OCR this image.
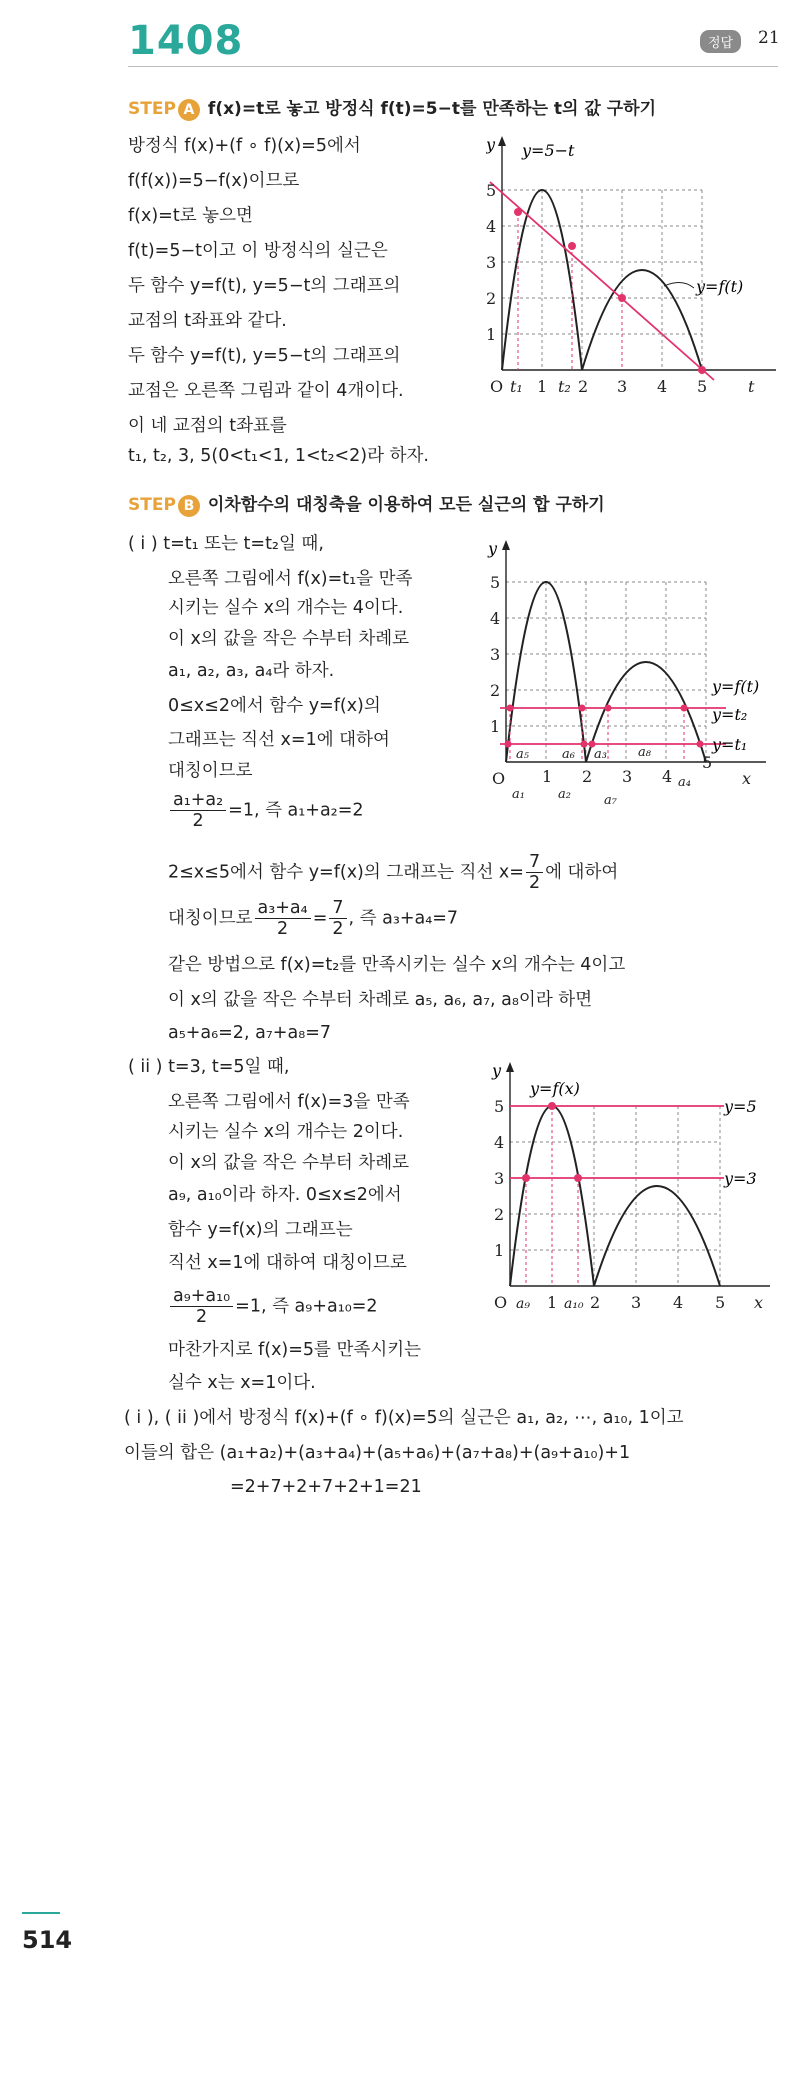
1408	정답	21
STEP A f(x)=t로 놓고 방정식 f(t)=5−t를 만족하는 t의 값 구하기
방정식 f(x)+(f ∘ f)(x)=5에서
f(f(x))=5−f(x)이므로
f(x)=t로 놓으면
f(t)=5−t이고 이 방정식의 실근은
두 함수 y=f(t), y=5−t의 그래프의
교점의 t좌표와 같다.
두 함수 y=f(t), y=5−t의 그래프의
교점은 오른쪽 그림과 같이 4개이다.
이 네 교점의 t좌표를
t₁, t₂, 3, 5(0<t₁<1, 1<t₂<2)라 하자.
5
4
3
2
1
O t₁ 1 t₂ 2 3 4 5	t
y y=5−t
y=f(t)
STEP B 이차함수의 대칭축을 이용하여 모든 실근의 합 구하기
( i ) t=t₁ 또는 t=t₂일 때,
오른쪽 그림에서 f(x)=t₁을 만족
시키는 실수 x의 개수는 4이다.
이 x의 값을 작은 수부터 차례로
a₁, a₂, a₃, a₄라 하자.
0≤x≤2에서 함수 y=f(x)의
그래프는 직선 x=1에 대하여
대칭이므로
$\frac{\text{a₁+a₂}}{2} =1$, 즉 a₁+a₂=2
2≤x≤5에서 함수 y=f(x)의 그래프는 직선 $x= \frac{7}{2}$ 에 대하여
대칭이므로 $\frac{\text{a₃+a₄}}{2} = \frac{7}{2}$ , 즉 a₃+a₄=7
같은 방법으로 f(x)=t₂를 만족시키는 실수 x의 개수는 4이고
이 x의 값을 작은 수부터 차례로 a₅, a₆, a₇, a₈이라 하면
a₅+a₆=2, a₇+a₈=7
5
4
3
2
1
O 1 2 3 4
5
x
a₅	a₆ a₃ a₈
a₁	a₂	a₇
a₄
y
y=f(t)
y=t₂
y=t₁
( ii ) t=3, t=5일 때,
오른쪽 그림에서 f(x)=3을 만족
시키는 실수 x의 개수는 2이다.
이 x의 값을 작은 수부터 차례로
a₉, a₁₀이라 하자. 0≤x≤2에서
함수 y=f(x)의 그래프는
직선 x=1에 대하여 대칭이므로
$\frac{\text{a₉+a₁₀}}{2} =1$, 즉 a₉+a₁₀=2
마찬가지로 f(x)=5를 만족시키는
실수 x는 x=1이다.
5
4
3
2
1
O a₉ 1 a₁₀ 2 3 4 5 x
y
y=f(x)
y=5
y=3
( i ), ( ii )에서 방정식 f(x)+(f ∘ f)(x)=5의 실근은 a₁, a₂, ⋯, a₁₀, 1이고
이들의 합은 (a₁+a₂)+(a₃+a₄)+(a₅+a₆)+(a₇+a₈)+(a₉+a₁₀)+1
=2+7+2+7+2+1=21
514
